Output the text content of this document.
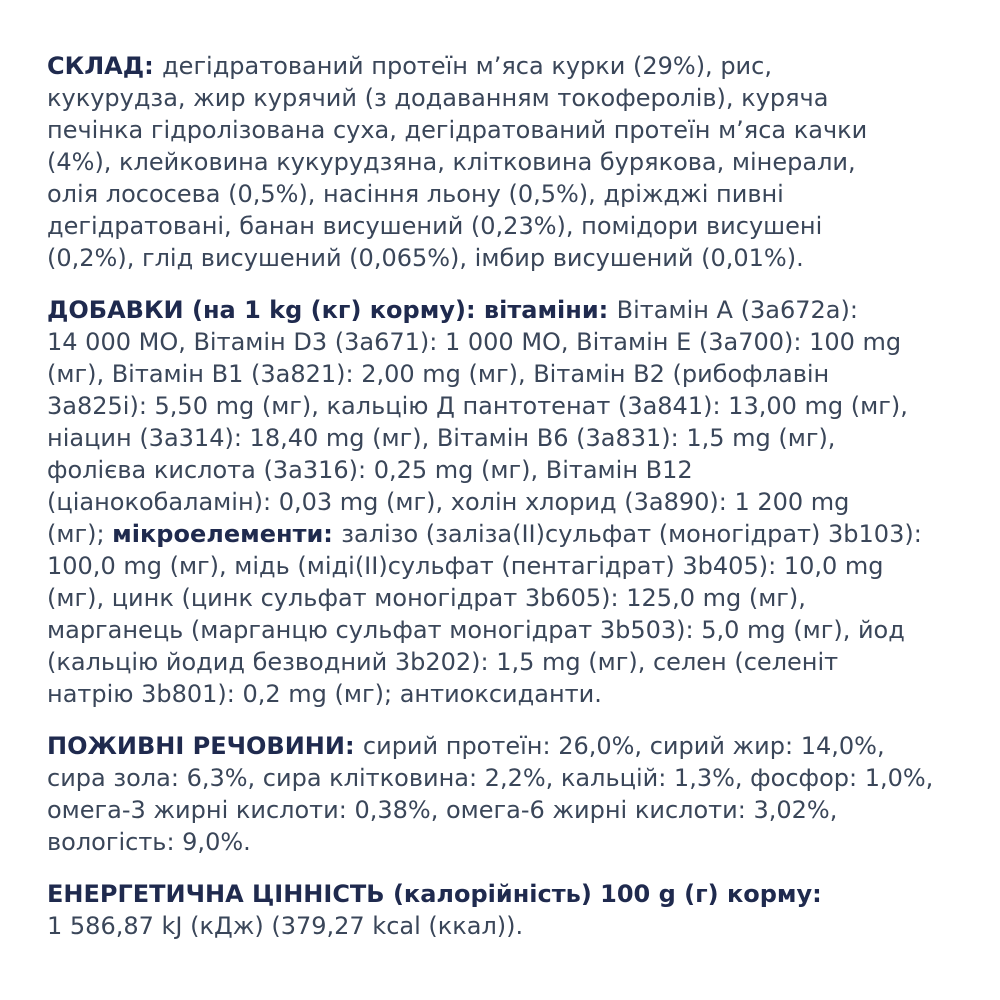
СКЛАД: дегідратований протеїн м’яса курки (29%), рис,
кукурудза, жир курячий (з додаванням токоферолів), куряча
печінка гідролізована суха, дегідратований протеїн м’яса качки
(4%), клейковина кукурудзяна, клітковина бурякова, мінерали,
олія лососева (0,5%), насіння льону (0,5%), дріжджі пивні
дегідратовані, банан висушений (0,23%), помідори висушені
(0,2%), глід висушений (0,065%), імбир висушений (0,01%).

ДОБАВКИ (на 1 kg (кг) корму): вітаміни: Вітамін А (3а672а):
14 000 МО, Вітамін D3 (3а671): 1 000 МО, Вітамін Е (3а700): 100 mg
(мг), Вітамін В1 (3а821): 2,00 mg (мг), Вітамін В2 (рибофлавін
3а825і): 5,50 mg (мг), кальцію Д пантотенат (3а841): 13,00 mg (мг),
ніацин (3а314): 18,40 mg (мг), Вітамін В6 (3а831): 1,5 mg (мг),
фолієва кислота (3а316): 0,25 mg (мг), Вітамін В12
(ціанокобаламін): 0,03 mg (мг), холін хлорид (3а890): 1 200 mg
(мг); мікроелементи: залізо (заліза(II)сульфат (моногідрат) 3b103):
100,0 mg (мг), мідь (міді(II)сульфат (пентагідрат) 3b405): 10,0 mg
(мг), цинк (цинк сульфат моногідрат 3b605): 125,0 mg (мг),
марганець (марганцю сульфат моногідрат 3b503): 5,0 mg (мг), йод
(кальцію йодид безводний 3b202): 1,5 mg (мг), селен (селеніт
натрію 3b801): 0,2 mg (мг); антиоксиданти.

ПОЖИВНІ РЕЧОВИНИ: сирий протеїн: 26,0%, сирий жир: 14,0%,
сира зола: 6,3%, сира клітковина: 2,2%, кальцій: 1,3%, фосфор: 1,0%,
омега-3 жирні кислоти: 0,38%, омега-6 жирні кислоти: 3,02%,
вологість: 9,0%.

ЕНЕРГЕТИЧНА ЦІННІСТЬ (калорійність) 100 g (г) корму:
1 586,87 kJ (кДж) (379,27 kcal (ккал)).
